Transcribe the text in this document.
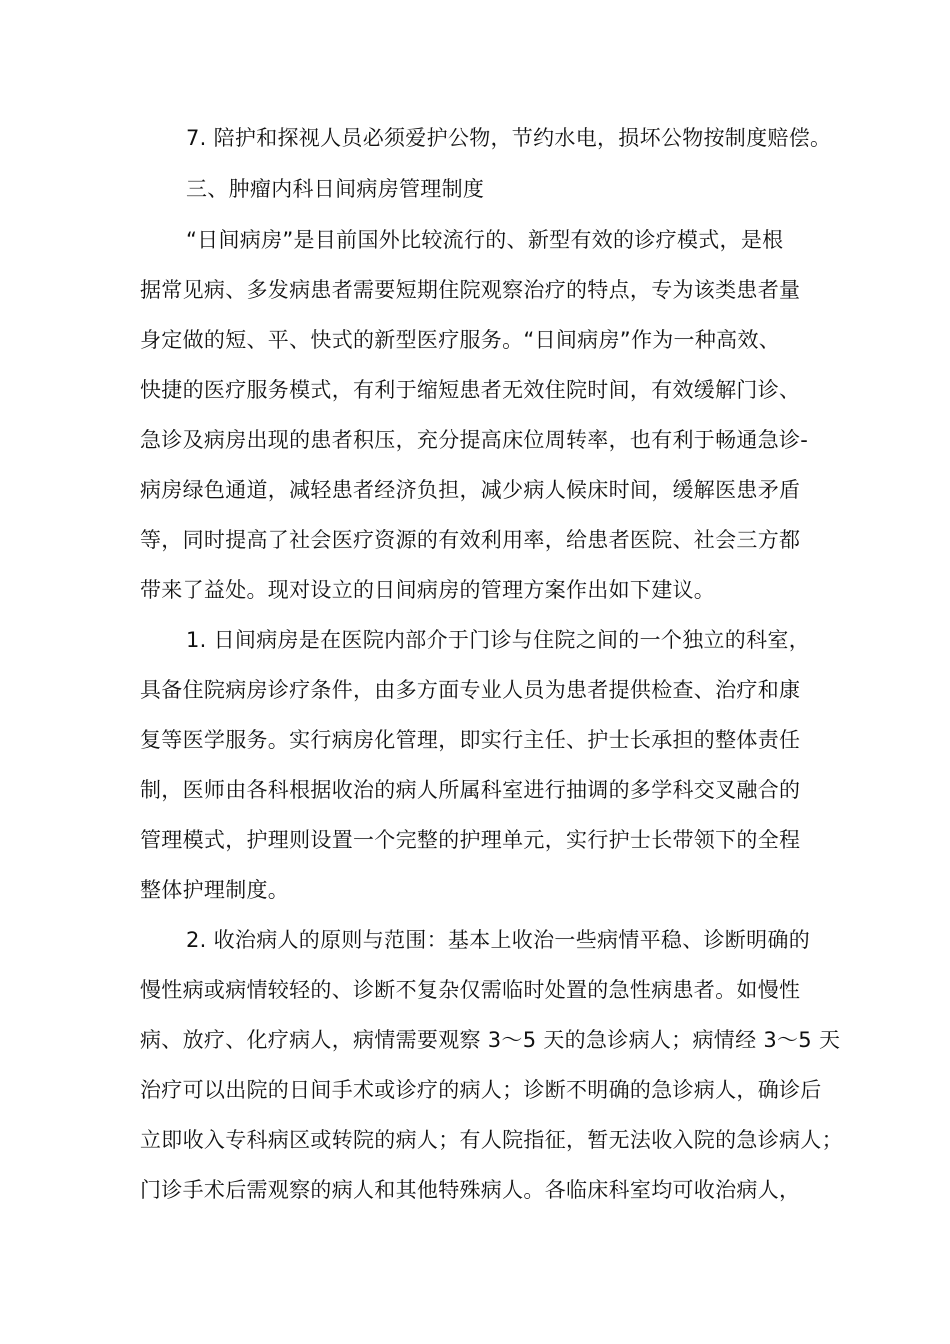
7. 陪护和探视人员必须爱护公物，节约水电，损坏公物按制度赔偿。
三、肿瘤内科日间病房管理制度
“日间病房”是目前国外比较流行的、新型有效的诊疗模式，是根
据常见病、多发病患者需要短期住院观察治疗的特点，专为该类患者量
身定做的短、平、快式的新型医疗服务。“日间病房”作为一种高效、
快捷的医疗服务模式，有利于缩短患者无效住院时间，有效缓解门诊、
急诊及病房出现的患者积压，充分提高床位周转率，也有利于畅通急诊-
病房绿色通道，减轻患者经济负担，减少病人候床时间，缓解医患矛盾
等，同时提高了社会医疗资源的有效利用率，给患者医院、社会三方都
带来了益处。现对设立的日间病房的管理方案作出如下建议。
1. 日间病房是在医院内部介于门诊与住院之间的一个独立的科室，
具备住院病房诊疗条件，由多方面专业人员为患者提供检查、治疗和康
复等医学服务。实行病房化管理，即实行主任、护士长承担的整体责任
制，医师由各科根据收治的病人所属科室进行抽调的多学科交叉融合的
管理模式，护理则设置一个完整的护理单元，实行护士长带领下的全程
整体护理制度。
2. 收治病人的原则与范围：基本上收治一些病情平稳、诊断明确的
慢性病或病情较轻的、诊断不复杂仅需临时处置的急性病患者。如慢性
病、放疗、化疗病人，病情需要观察 3～5 天的急诊病人；病情经 3～5 天
治疗可以出院的日间手术或诊疗的病人；诊断不明确的急诊病人，确诊后
立即收入专科病区或转院的病人；有人院指征，暂无法收入院的急诊病人；
门诊手术后需观察的病人和其他特殊病人。各临床科室均可收治病人，
